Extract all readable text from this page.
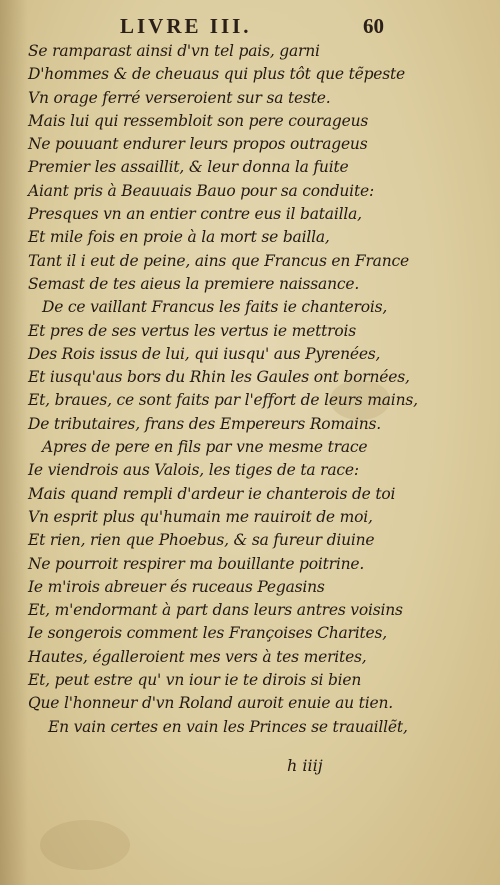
LIVRE III.	60
Se ramparast ainsi d'vn tel pais, garni
D'hommes & de cheuaus qui plus tôt que tẽpeste
Vn orage ferré verseroient sur sa teste.
Mais lui qui ressembloit son pere courageus
Ne pouuant endurer leurs propos outrageus
Premier les assaillit, & leur donna la fuite
Aiant pris à Beauuais Bauo pour sa conduite:
Presques vn an entier contre eus il batailla,
Et mile fois en proie à la mort se bailla,
Tant il i eut de peine, ains que Francus en France
Semast de tes aieus la premiere naissance.
De ce vaillant Francus les faits ie chanterois,
Et pres de ses vertus les vertus ie mettrois
Des Rois issus de lui, qui iusqu' aus Pyrenées,
Et iusqu'aus bors du Rhin les Gaules ont bornées,
Et, braues, ce sont faits par l'effort de leurs mains,
De tributaires, frans des Empereurs Romains.
Apres de pere en fils par vne mesme trace
Ie viendrois aus Valois, les tiges de ta race:
Mais quand rempli d'ardeur ie chanterois de toi
Vn esprit plus qu'humain me rauiroit de moi,
Et rien, rien que Phoebus, & sa fureur diuine
Ne pourroit respirer ma bouillante poitrine.
Ie m'irois abreuer és ruceaus Pegasins
Et, m'endormant à part dans leurs antres voisins
Ie songerois comment les Françoises Charites,
Hautes, égalleroient mes vers à tes merites,
Et, peut estre qu' vn iour ie te dirois si bien
Que l'honneur d'vn Roland auroit enuie au tien.
En vain certes en vain les Princes se trauaillẽt,
h iiij
